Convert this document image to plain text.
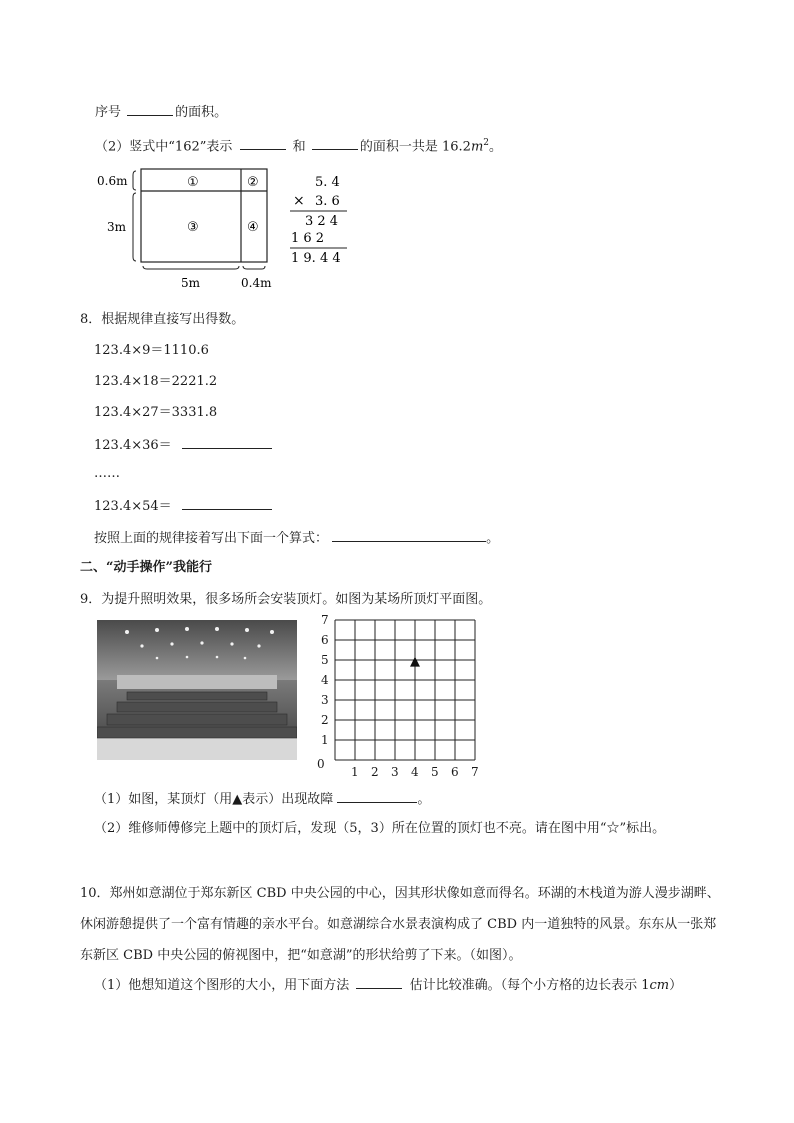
序号	的面积。
（2）竖式中“162”表示	和	的面积一共是 $16.2m^2$。
0.6m
3m
5m	0.4m
①	②
③	④
5. 4
× 3. 6
3 2 4
1 6 2
1 9. 4 4
8．根据规律直接写出得数。
123.4×9＝1110.6
123.4×18＝2221.2
123.4×27＝3331.8
123.4×36＝
……
123.4×54＝
按照上面的规律接着写出下面一个算式：	。
二、“动手操作”我能行
9．为提升照明效果，很多场所会安装顶灯。如图为某场所顶灯平面图。
7
6
5
4
3
2
1
1 2 3 4 5 6 7
0
▲
（1）如图，某顶灯（用▲表示）出现故障	。
（2）维修师傅修完上题中的顶灯后，发现（5，3）所在位置的顶灯也不亮。请在图中用“☆”标出。
10．郑州如意湖位于郑东新区 CBD 中央公园的中心，因其形状像如意而得名。环湖的木栈道为游人漫步湖畔、休闲游憩提供了一个富有情趣的亲水平台。如意湖综合水景表演构成了 CBD 内一道独特的风景。东东从一张郑东新区 CBD 中央公园的俯视图中，把“如意湖”的形状给剪了下来。（如图）。
（1）他想知道这个图形的大小，用下面方法	估计比较准确。（每个小方格的边长表示 1cm）
